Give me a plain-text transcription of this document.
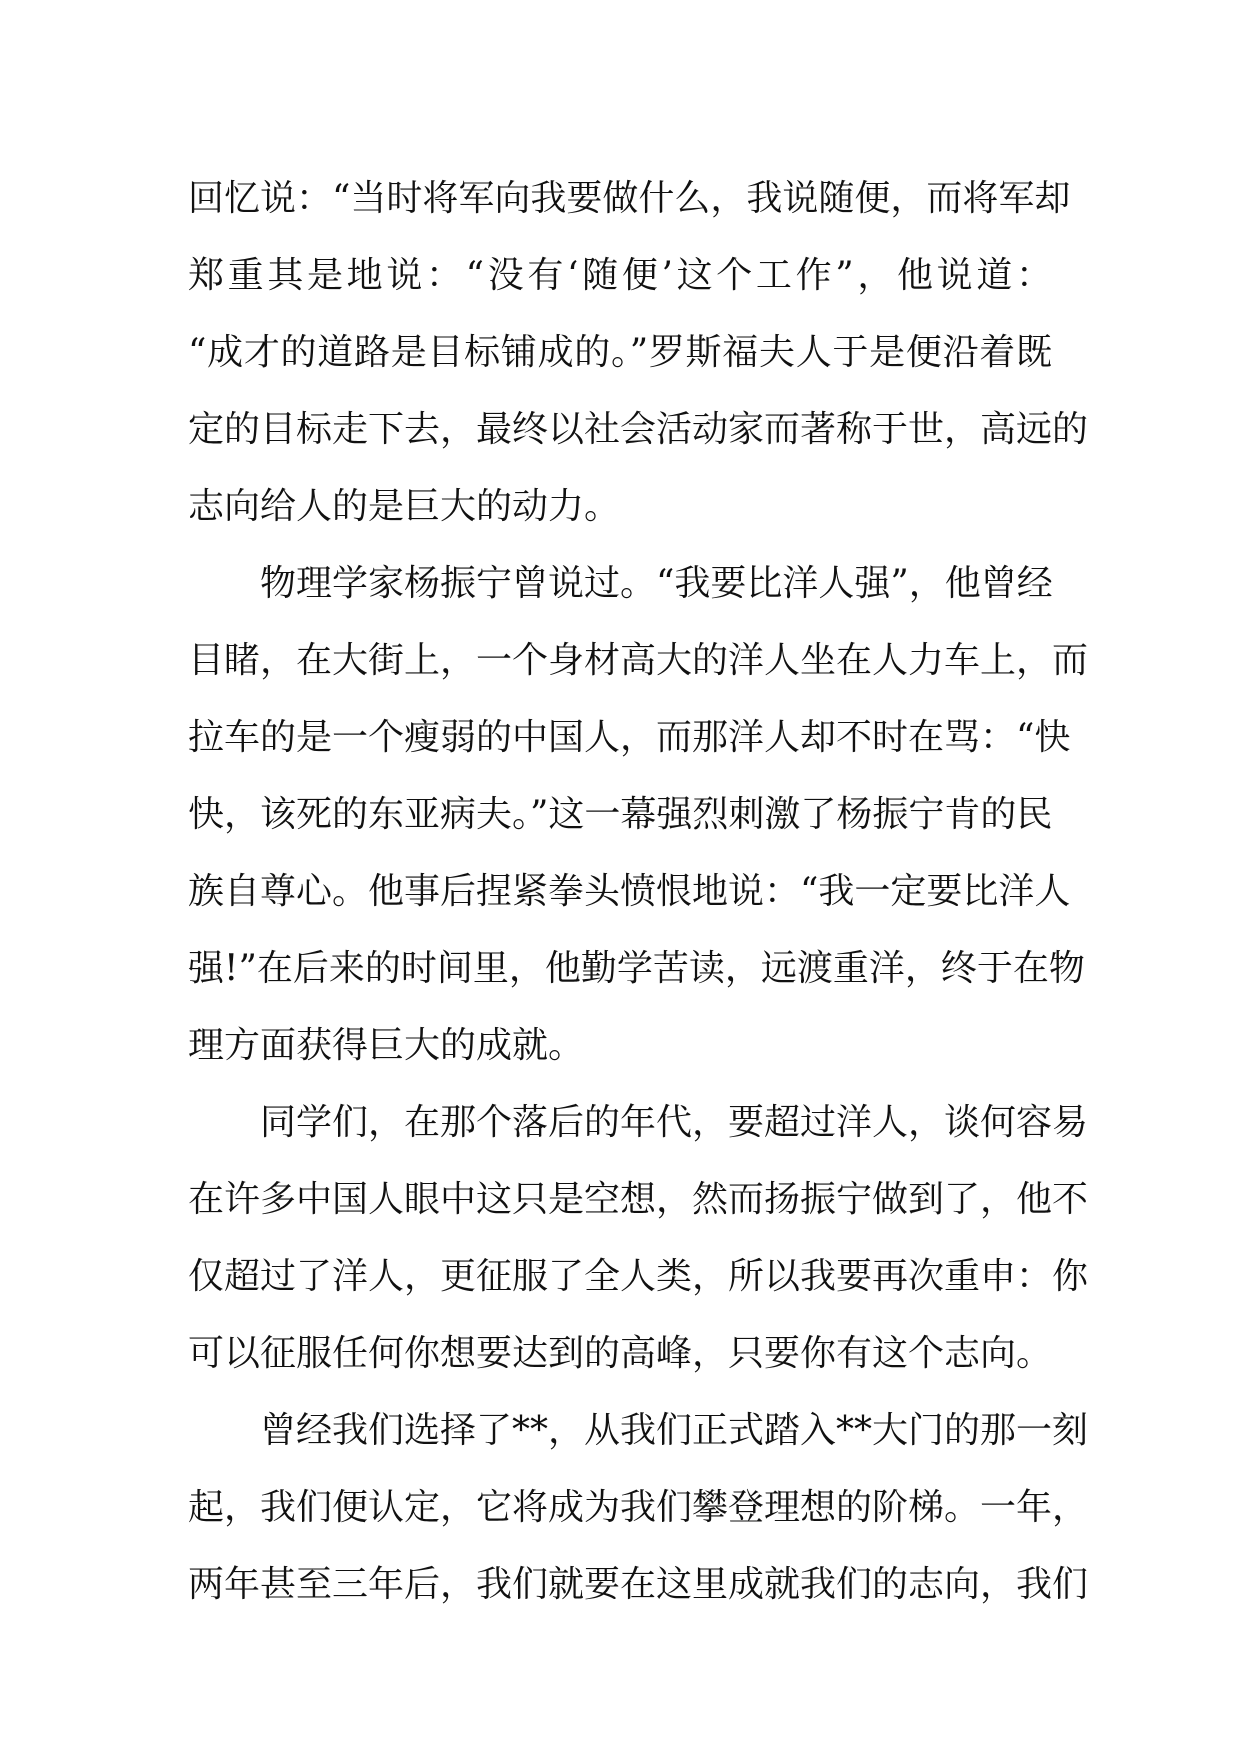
回忆说：“当时将军向我要做什么，我说随便，而将军却
郑重其是地说：“没有‘随便’这个工作”，他说道：
“成才的道路是目标铺成的。”罗斯福夫人于是便沿着既
定的目标走下去，最终以社会活动家而著称于世，高远的
志向给人的是巨大的动力。
物理学家杨振宁曾说过。“我要比洋人强”，他曾经
目睹，在大街上，一个身材高大的洋人坐在人力车上，而
拉车的是一个瘦弱的中国人，而那洋人却不时在骂：“快
快，该死的东亚病夫。”这一幕强烈刺激了杨振宁肯的民
族自尊心。他事后捏紧拳头愤恨地说：“我一定要比洋人
强!”在后来的时间里，他勤学苦读，远渡重洋，终于在物
理方面获得巨大的成就。
同学们，在那个落后的年代，要超过洋人，谈何容易
在许多中国人眼中这只是空想，然而扬振宁做到了，他不
仅超过了洋人，更征服了全人类，所以我要再次重申：你
可以征服任何你想要达到的高峰，只要你有这个志向。
曾经我们选择了**，从我们正式踏入**大门的那一刻
起，我们便认定，它将成为我们攀登理想的阶梯。一年，
两年甚至三年后，我们就要在这里成就我们的志向，我们
